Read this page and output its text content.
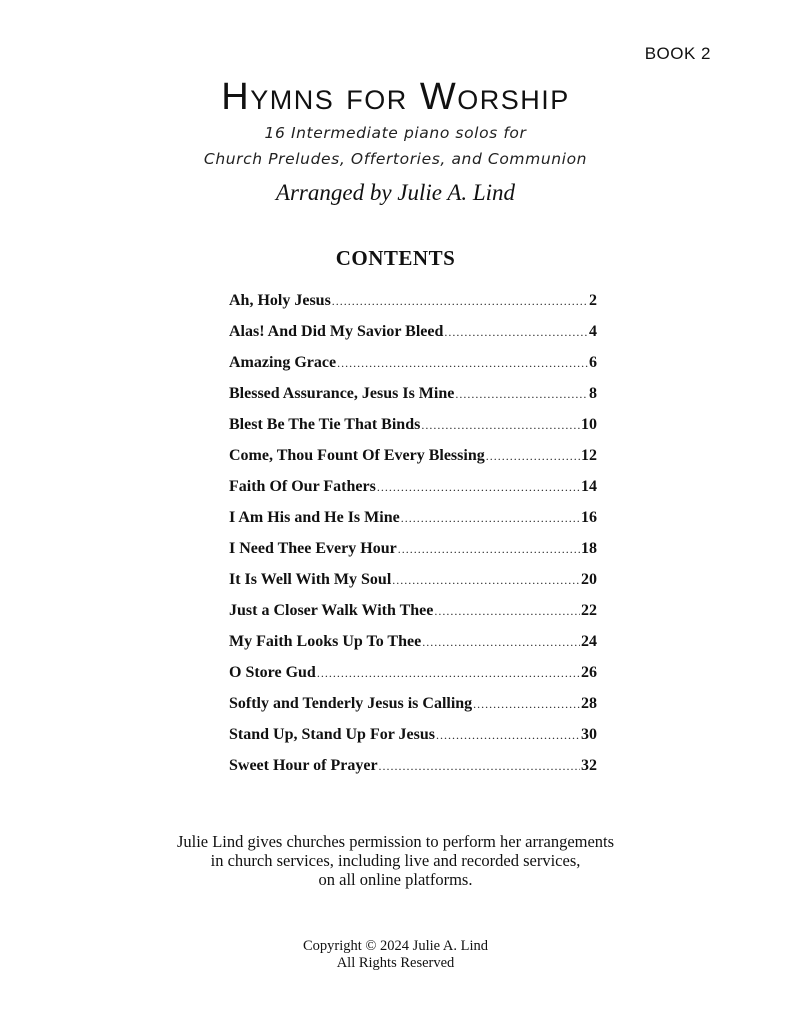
BOOK 2
Hymns for Worship
16 Intermediate piano solos for
Church Preludes, Offertories, and Communion
Arranged by Julie A. Lind
CONTENTS
Ah, Holy Jesus .....	2
Alas! And Did My Savior Bleed .....	4
Amazing Grace .....	6
Blessed Assurance, Jesus Is Mine .....	8
Blest Be The Tie That Binds .....	10
Come, Thou Fount Of Every Blessing .....	12
Faith Of Our Fathers .....	14
I Am His and He Is Mine .....	16
I Need Thee Every Hour .....	18
It Is Well With My Soul .....	20
Just a Closer Walk With Thee .....	22
My Faith Looks Up To Thee .....	24
O Store Gud .....	26
Softly and Tenderly Jesus is Calling .....	28
Stand Up, Stand Up For Jesus .....	30
Sweet Hour of Prayer .....	32
Julie Lind gives churches permission to perform her arrangements
in church services, including live and recorded services,
on all online platforms.
Copyright © 2024 Julie A. Lind
All Rights Reserved
